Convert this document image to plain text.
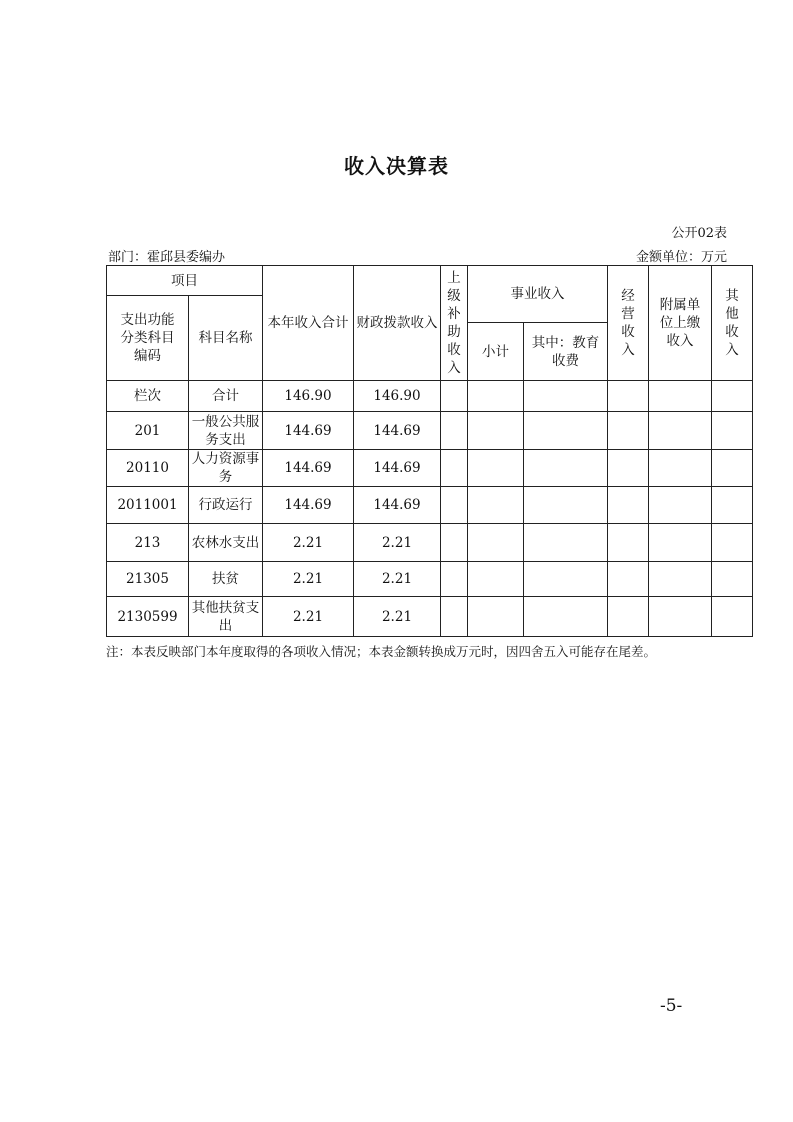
收入决算表
公开02表
部门：霍邱县委编办	金额单位：万元
项目		本年收入合计	财政拨款收入	上级补助收入	事业收入		经营收入	附属单位上缴收入	其他收入

支出功能分类科目编码	科目名称								
					小计	其中：教育收费			

栏次	合计	146.90	146.90						
201	一般公共服务支出	144.69	144.69						
20110	人力资源事务	144.69	144.69						
2011001	行政运行	144.69	144.69						
213	农林水支出	2.21	2.21						
21305	扶贫	2.21	2.21						
2130599	其他扶贫支出	2.21	2.21						
注：本表反映部门本年度取得的各项收入情况；本表金额转换成万元时，因四舍五入可能存在尾差。
-5-
